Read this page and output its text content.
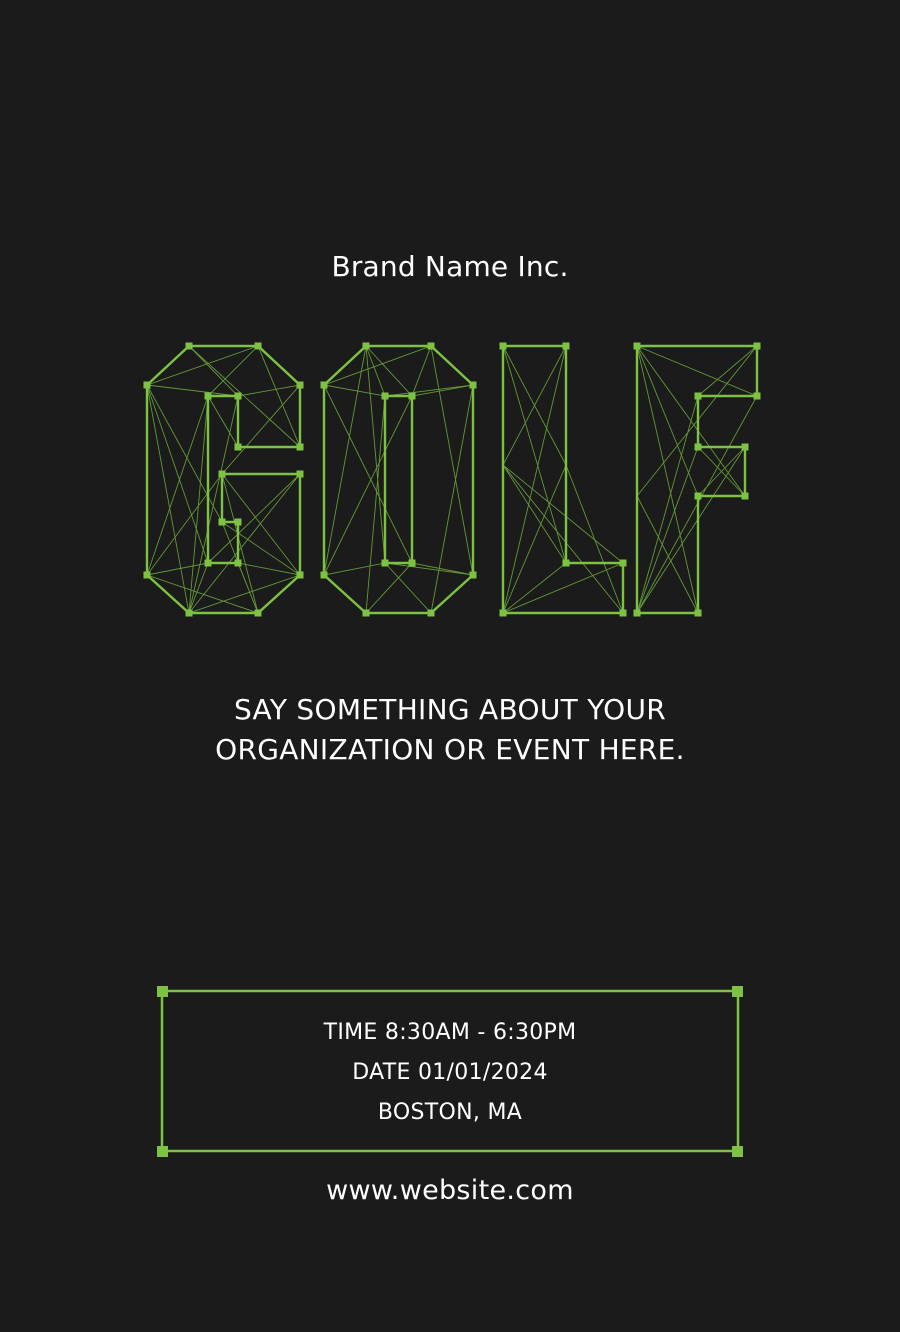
Brand Name Inc.
SAY SOMETHING ABOUT YOUR
ORGANIZATION OR EVENT HERE.
TIME 8:30AM - 6:30PM
DATE 01/01/2024
BOSTON, MA
www.website.com
